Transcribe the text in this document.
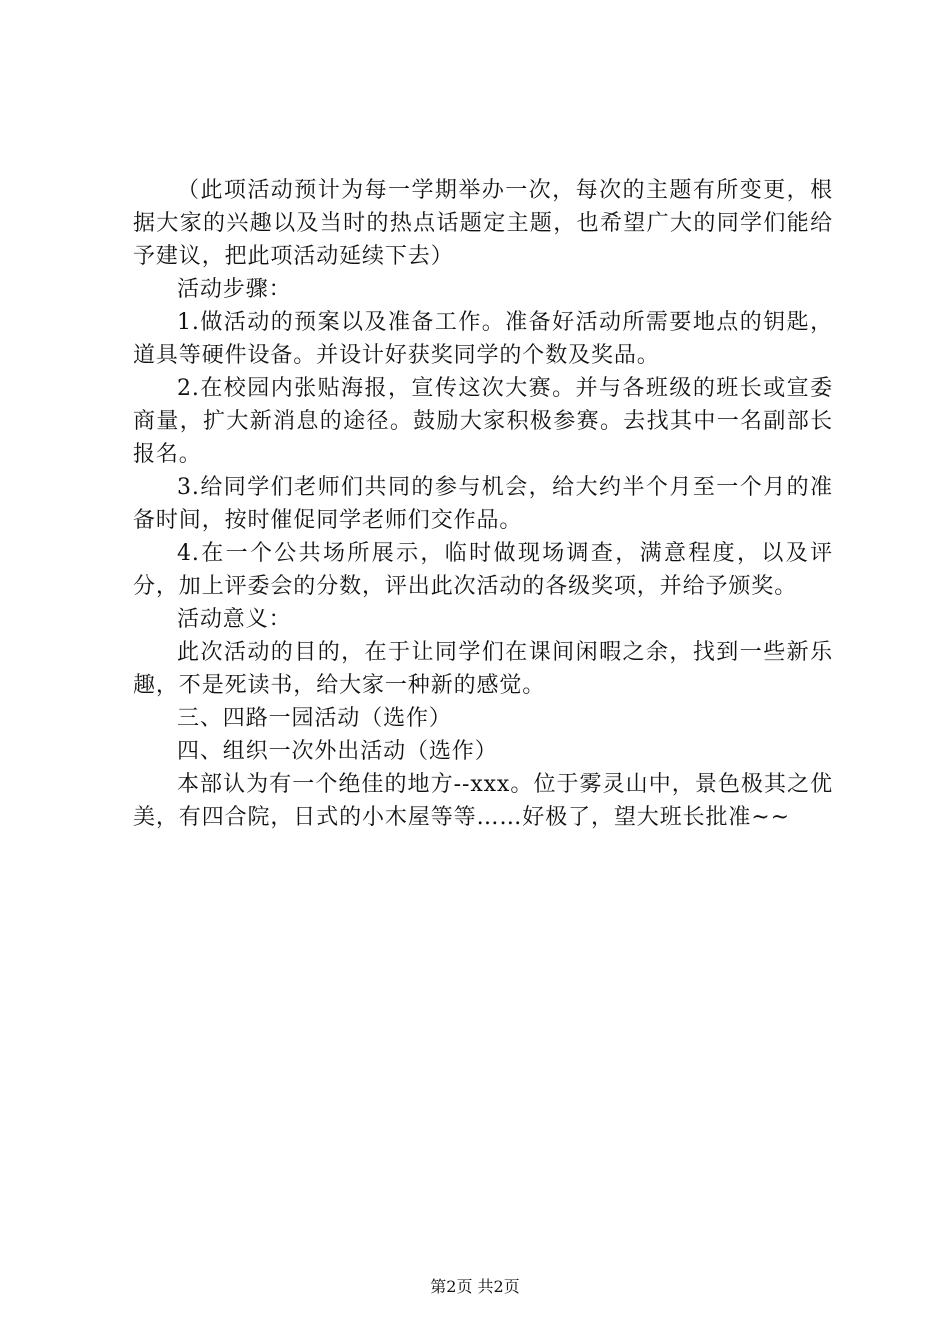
（此项活动预计为每一学期举办一次，每次的主题有所变更，根据大家的兴趣以及当时的热点话题定主题，也希望广大的同学们能给予建议，把此项活动延续下去）

活动步骤：

1.做活动的预案以及准备工作。准备好活动所需要地点的钥匙，道具等硬件设备。并设计好获奖同学的个数及奖品。

2.在校园内张贴海报，宣传这次大赛。并与各班级的班长或宣委商量，扩大新消息的途径。鼓励大家积极参赛。去找其中一名副部长报名。

3.给同学们老师们共同的参与机会，给大约半个月至一个月的准备时间，按时催促同学老师们交作品。

4.在一个公共场所展示，临时做现场调查，满意程度，以及评分，加上评委会的分数，评出此次活动的各级奖项，并给予颁奖。

活动意义：

此次活动的目的，在于让同学们在课间闲暇之余，找到一些新乐趣，不是死读书，给大家一种新的感觉。

三、四路一园活动（选作）

四、组织一次外出活动（选作）

本部认为有一个绝佳的地方--xxx。位于雾灵山中，景色极其之优美，有四合院，日式的小木屋等等……好极了，望大班长批准~~

第2页 共2页
